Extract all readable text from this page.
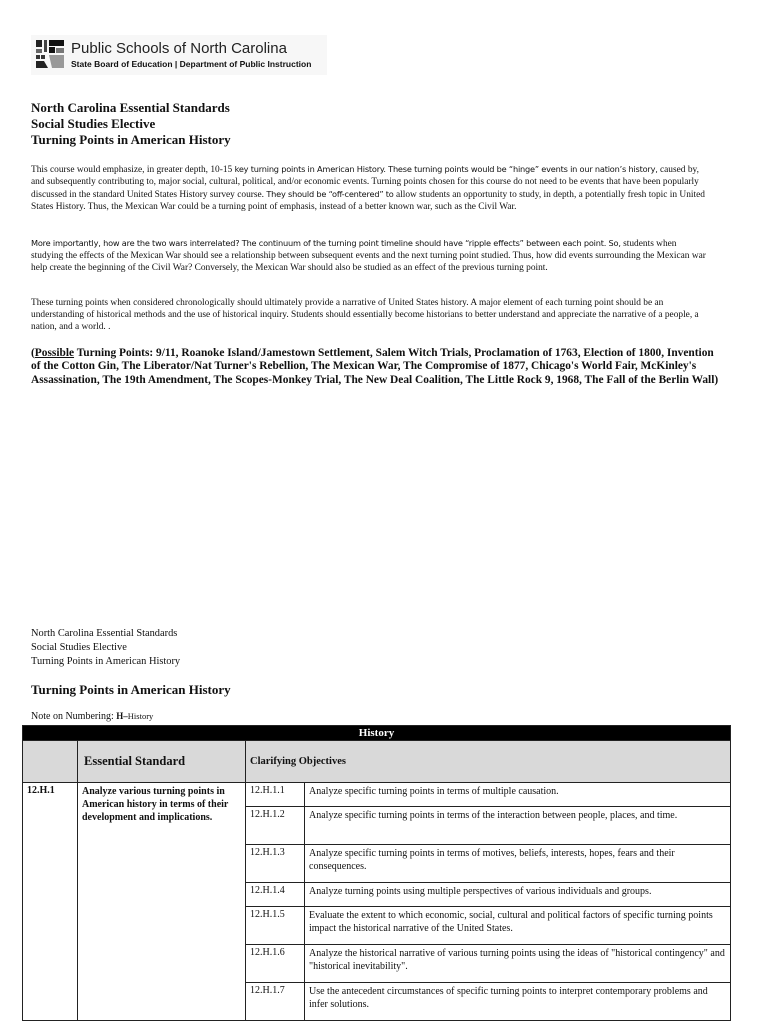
Public Schools of North Carolina
State Board of Education | Department of Public Instruction
North Carolina Essential Standards
Social Studies Elective
Turning Points in American History

This course would emphasize, in greater depth, 10-15 key turning points in American History. These turning points would be “hinge” events in our nation’s history, caused by, and subsequently contributing to, major social, cultural, political, and/or economic events. Turning points chosen for this course do not need to be events that have been popularly discussed in the standard United States History survey course. They should be “off-centered” to allow students an opportunity to study, in depth, a potentially fresh topic in United States History. Thus, the Mexican War could be a turning point of emphasis, instead of a better known war, such as the Civil War.

More importantly, how are the two wars interrelated? The continuum of the turning point timeline should have “ripple effects” between each point. So, students when studying the effects of the Mexican War should see a relationship between subsequent events and the next turning point studied. Thus, how did events surrounding the Mexican war help create the beginning of the Civil War? Conversely, the Mexican War should also be studied as an effect of the previous turning point.

These turning points when considered chronologically should ultimately provide a narrative of United States history. A major element of each turning point should be an understanding of historical methods and the use of historical inquiry. Students should essentially become historians to better understand and appreciate the narrative of a people, a nation, and a world. .

(Possible Turning Points: 9/11, Roanoke Island/Jamestown Settlement, Salem Witch Trials, Proclamation of 1763, Election of 1800, Invention of the Cotton Gin, The Liberator/Nat Turner's Rebellion, The Mexican War, The Compromise of 1877, Chicago's World Fair, McKinley's Assassination, The 19th Amendment, The Scopes-Monkey Trial, The New Deal Coalition, The Little Rock 9, 1968, The Fall of the Berlin Wall)

North Carolina Essential Standards
Social Studies Elective
Turning Points in American History
Turning Points in American History
Note on Numbering: H–History
History			
	Essential Standard	Clarifying Objectives	
12.H.1	Analyze various turning points in American history in terms of their development and implications.	12.H.1.1	Analyze specific turning points in terms of multiple causation.
		12.H.1.2	Analyze specific turning points in terms of the interaction between people, places, and time.
		12.H.1.3	Analyze specific turning points in terms of motives, beliefs, interests, hopes, fears and their consequences.
		12.H.1.4	Analyze turning points using multiple perspectives of various individuals and groups.
		12.H.1.5	Evaluate the extent to which economic, social, cultural and political factors of specific turning points impact the historical narrative of the United States.
		12.H.1.6	Analyze the historical narrative of various turning points using the ideas of "historical contingency" and "historical inevitability".
		12.H.1.7	Use the antecedent circumstances of specific turning points to interpret contemporary problems and infer solutions.
